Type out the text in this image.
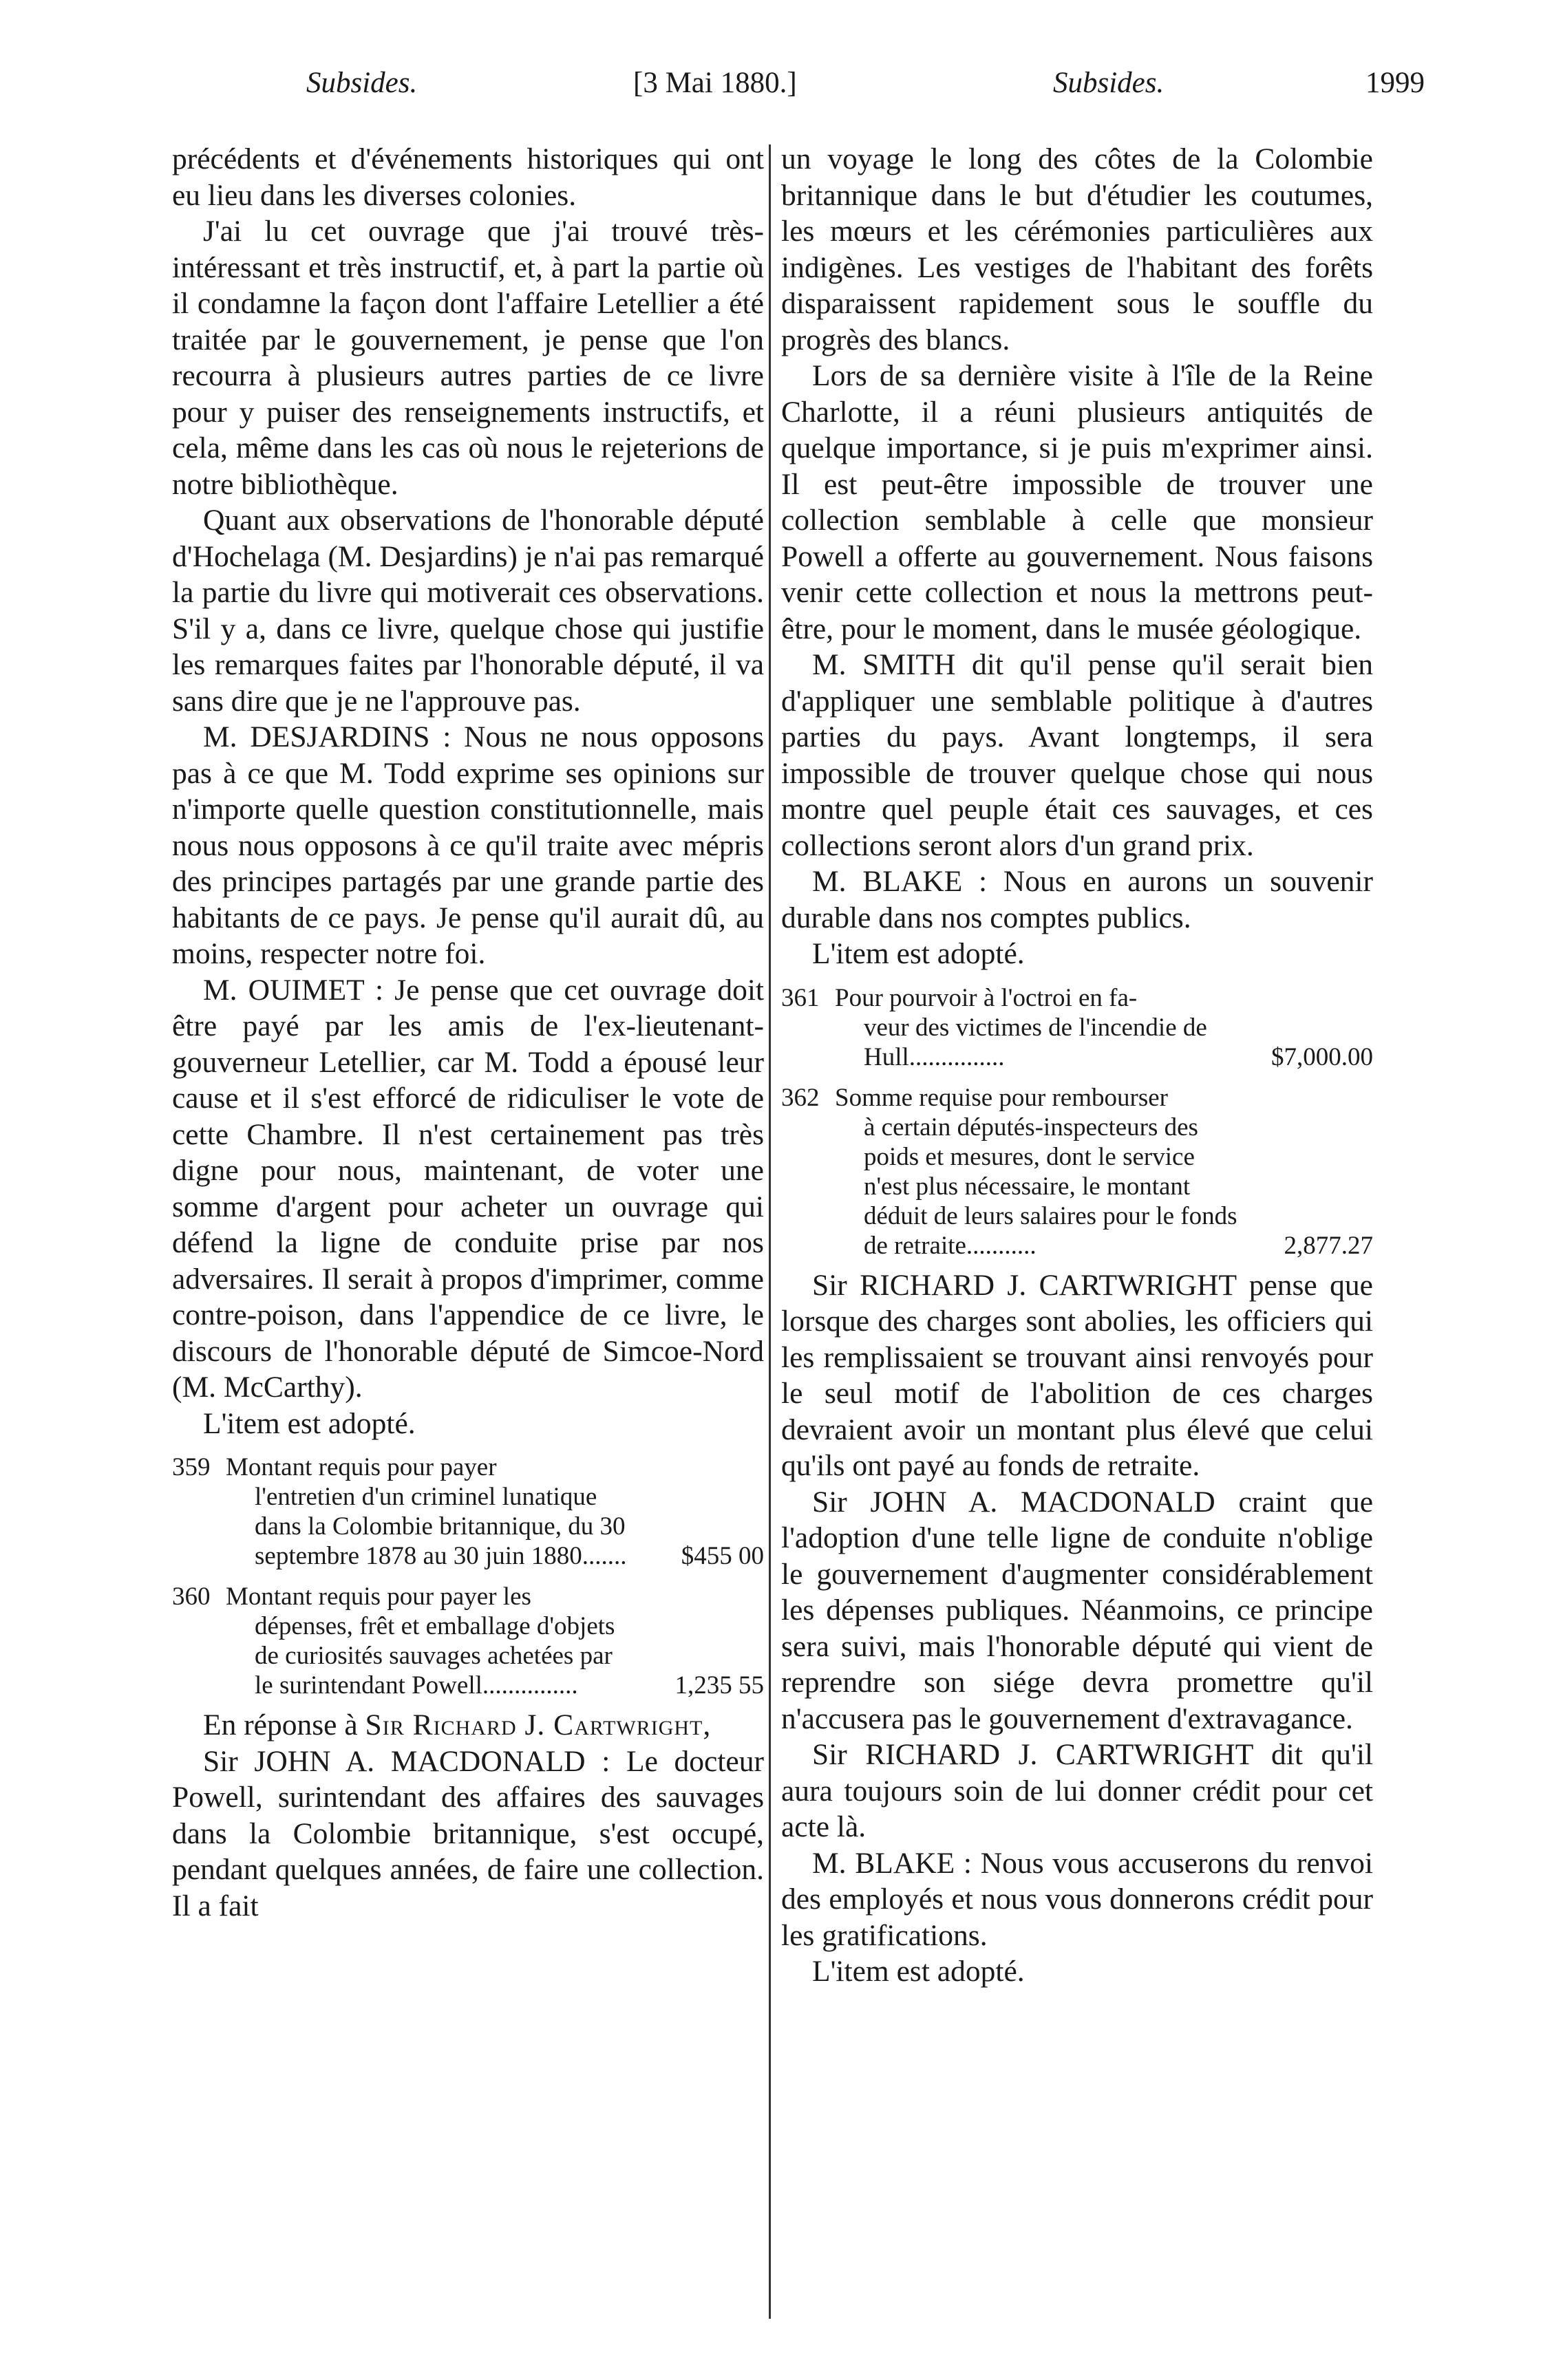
Subsides.	[3 Mai 1880.]	Subsides.	1999

précédents et d'événements historiques qui ont eu lieu dans les diverses colonies.

J'ai lu cet ouvrage que j'ai trouvé très-intéressant et très instructif, et, à part la partie où il condamne la façon dont l'affaire Letellier a été traitée par le gouvernement, je pense que l'on recourra à plusieurs autres parties de ce livre pour y puiser des renseignements instructifs, et cela, même dans les cas où nous le rejeterions de notre bibliothèque.

Quant aux observations de l'honorable député d'Hochelaga (M. Desjardins) je n'ai pas remarqué la partie du livre qui motiverait ces observations. S'il y a, dans ce livre, quelque chose qui justifie les remarques faites par l'honorable député, il va sans dire que je ne l'approuve pas.

M. DESJARDINS : Nous ne nous opposons pas à ce que M. Todd exprime ses opinions sur n'importe quelle question constitutionnelle, mais nous nous opposons à ce qu'il traite avec mépris des principes partagés par une grande partie des habitants de ce pays. Je pense qu'il aurait dû, au moins, respecter notre foi.

M. OUIMET : Je pense que cet ouvrage doit être payé par les amis de l'ex-lieutenant-gouverneur Letellier, car M. Todd a épousé leur cause et il s'est efforcé de ridiculiser le vote de cette Chambre. Il n'est certainement pas très digne pour nous, maintenant, de voter une somme d'argent pour acheter un ouvrage qui défend la ligne de conduite prise par nos adversaires. Il serait à propos d'imprimer, comme contre-poison, dans l'appendice de ce livre, le discours de l'honorable député de Simcoe-Nord (M. McCarthy).

L'item est adopté.

359 Montant requis pour payer
l'entretien d'un criminel lunatique dans la Colombie britannique, du 30 septembre 1878 au 30 juin 1880.......	$455 00
360 Montant requis pour payer les
dépenses, frêt et emballage d'objets de curiosités sauvages achetées par le surintendant Powell...............	1,235 55

En réponse à Sir Richard J. Cartwright,

Sir JOHN A. MACDONALD : Le docteur Powell, surintendant des affaires des sauvages dans la Colombie britannique, s'est occupé, pendant quelques années, de faire une collection. Il a fait

un voyage le long des côtes de la Colombie britannique dans le but d'étudier les coutumes, les mœurs et les cérémonies particulières aux indigènes. Les vestiges de l'habitant des forêts disparaissent rapidement sous le souffle du progrès des blancs.

Lors de sa dernière visite à l'île de la Reine Charlotte, il a réuni plusieurs antiquités de quelque importance, si je puis m'exprimer ainsi. Il est peut-être impossible de trouver une collection semblable à celle que monsieur Powell a offerte au gouvernement. Nous faisons venir cette collection et nous la mettrons peut-être, pour le moment, dans le musée géologique.

M. SMITH dit qu'il pense qu'il serait bien d'appliquer une semblable politique à d'autres parties du pays. Avant longtemps, il sera impossible de trouver quelque chose qui nous montre quel peuple était ces sauvages, et ces collections seront alors d'un grand prix.

M. BLAKE : Nous en aurons un souvenir durable dans nos comptes publics.

L'item est adopté.

361 Pour pourvoir à l'octroi en fa-
veur des victimes de l'incendie de Hull...............	$7,000.00
362 Somme requise pour rembourser
à certain députés-inspecteurs des poids et mesures, dont le service n'est plus nécessaire, le montant déduit de leurs salaires pour le fonds de retraite...........	2,877.27

Sir RICHARD J. CARTWRIGHT pense que lorsque des charges sont abolies, les officiers qui les remplissaient se trouvant ainsi renvoyés pour le seul motif de l'abolition de ces charges devraient avoir un montant plus élevé que celui qu'ils ont payé au fonds de retraite.

Sir JOHN A. MACDONALD craint que l'adoption d'une telle ligne de conduite n'oblige le gouvernement d'augmenter considérablement les dépenses publiques. Néanmoins, ce principe sera suivi, mais l'honorable député qui vient de reprendre son siége devra promettre qu'il n'accusera pas le gouvernement d'extravagance.

Sir RICHARD J. CARTWRIGHT dit qu'il aura toujours soin de lui donner crédit pour cet acte là.

M. BLAKE : Nous vous accuserons du renvoi des employés et nous vous donnerons crédit pour les gratifications.

L'item est adopté.
